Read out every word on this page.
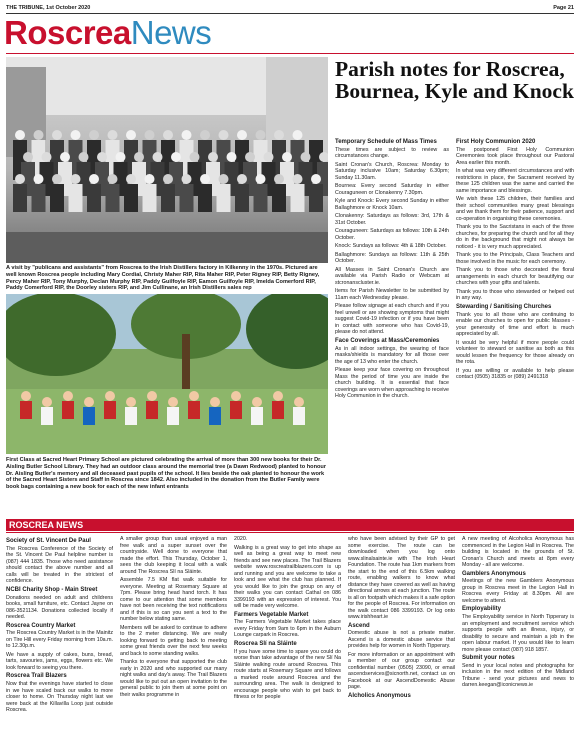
THE TRIBUNE, 1st October 2020	Page 21
Roscrea News
A visit by "publicans and assistants" from Roscrea to the Irish Distillers factory in Kilkenny in the 1970s. Pictured are well known Roscrea people including Mary Cordial, Christy Maher RIP, Rita Maher RIP, Peter Rigney RIP, Betty Rigney, Percy Maher RIP, Tony Murphy, Declan Murphy RIP, Paddy Guilfoyle RIP, Eamon Guilfoyle RIP, Imelda Comerford RIP, Paddy Comerford RIP, the Doorley sisters RIP, and Jim Cullinane, an Irish Distillers sales rep
First Class at Sacred Heart Primary School are pictured celebrating the arrival of more than 300 new books for their Dr. Aisling Butler School Library. They had an outdoor class around the memorial tree (a Dawn Redwood) planted to honour Dr. Aisling Butler's memory and all deceased past pupils of the school. It lies beside the oak planted to honour the work of the Sacred Heart Sisters and Staff in Roscrea since 1842. Also included in the donation from the Butler Family were book bags containing a new book for each of the new infant entrants
Parish notes for Roscrea, Bournea, Kyle and Knock
Temporary Schedule of Mass Times

These times are subject to review as circumstances change.

Saint Cronan's Church, Roscrea: Monday to Saturday inclusive 10am; Saturday 6.30pm; Sunday 11.30am.

Bournea: Every second Saturday in either Couraguneen or Clonakenny 7.30pm.

Kyle and Knock: Every second Sunday in either Ballaghmore or Knock 10am.

Clonakenny: Saturdays as follows: 3rd, 17th & 31st October.

Couraguneen: Saturdays as follows: 10th & 24th October.

Knock: Sundays as follows: 4th & 18th October.

Ballaghmore: Sundays as follows: 11th & 25th October.

All Masses in Saint Cronan's Church are available via Parish Radio or Webcam at stcronanscluster.ie.

Items for Parish Newsletter to be submitted by 11am each Wednesday please.

Please follow signage at each church and if you feel unwell or are showing symptoms that might suggest Covid-19 infection or if you have been in contact with someone who has Covid-19, please do not attend.

Face Coverings at Mass/Ceremonies

As in all indoor settings, the wearing of face masks/shields is mandatory for all those over the age of 13 who enter the church.

Please keep your face covering on throughout Mass the period of time you are inside the church building. It is essential that face coverings are worn when approaching to receive Holy Communion in the church.

First Holy Communion 2020

The postponed First Holy Communion Ceremonies took place throughout our Pastoral Area earlier this month.

In what was very different circumstances and with restrictions in place, the Sacrament received by these 125 children was the same and carried the same importance and blessings.

We wish these 125 children, their families and their school communities many great blessings and we thank them for their patience, support and co-operation in organising these ceremonies.

Thank you to the Sacristans in each of the three churches, for preparing the church and for all they do in the background that might not always be noticed - it is very much appreciated.

Thank you to the Principals, Class Teachers and those involved in the music for each ceremony.

Thank you to those who decorated the floral arrangements in each church for beautifying our churches with your gifts and talents.

Thank you to those who stewarded or helped out in any way.

Stewarding / Sanitising Churches

Thank you to all those who are continuing to enable our churches to open for public Masses - your generosity of time and effort is much appreciated by all.

It would be very helpful if more people could volunteer to steward or sanitise as both as this would lessen the frequency for those already on the rota.

If you are willing or available to help please contact (0505) 31835 or (089) 2491318

ROSCREA NEWS
Society of St. Vincent De Paul

The Roscrea Conference of the Society of the St. Vincent De Paul helpline number is (087) 444 1835. Those who need assistance should contact the above number and all calls will be treated in the strictest of confidence.

NCBI Charity Shop - Main Street

Donations needed on adult and childrens books, small furniture, etc. Contact Jayne on 086-3521134. Donations collected locally if needed.

Roscrea Country Market

The Roscrea Country Market is in the Mainitz on Tire Hill every Friday morning from 10a.m. to 12.30p.m.

We have a supply of cakes, buns, bread, tarts, savouries, jams, eggs, flowers etc. We look forward to seeing you there.

Roscrea Trail Blazers

Now that the evenings have started to close in we have scaled back our walks to more closer to home. On Thursday night last we were back at the Killavilla Loop just outside Roscrea.

A smaller group than usual enjoyed a man free walk and a super sunset over the countryside. Well done to everyone that made the effort. This Thursday, October 1, sees the club keeping it local with a walk around The Roscrea Slí na Sláinte.

Assemble 7.5 KM flat walk suitable for everyone. Meeting at Rosemary Square at 7pm. Please bring head hand torch. It has come to our attention that some members have not been receiving the text notifications and if this is so can you sent a text to the number below stating same.

Members will be asked to continue to adhere to the 2 meter distancing. We are really looking forward to getting back to meeting some great friends over the next few weeks and back to some standing walks.

Thanks to everyone that supported the club early in 2020 and who supported our many night walks and day's away. The Trail Blazers would like to put out an open invitation to the general public to join them at some point on their walks programme in

2020.

Walking is a great way to get into shape as well as being a great way to meet new friends and see new places. The Trail Blazers website www.roscreatrailblazers.com is up and running and you are welcome to take a look and see what the club has planned. If you would like to join the group on any of their walks you can contact Cathal on 086 3399193 with an expression of interest. You will be made very welcome.

Farmers Vegetable Market

The Farmers Vegetable Market takes place every Friday from 9am to 6pm in the Auburn Lounge carpark in Roscrea.

Roscrea Slí na Sláinte

If you have some time to spare you could do worse than take advantage of the new Slí Na Sláinte walking route around Roscrea. This route starts at Rosemary Square and follows a marked route around Roscrea and the surrounding area. The walk is designed to encourage people who wish to get back to fitness or for people

who have been advised by their GP to get some exercise. The route can be downloaded when you log onto www.slinalsainte.ie with The Irish Heart Foundation. The route has 1km markers from the start to the end of this 6.5km walking route, enabling walkers to know what distance they have covered as well as having directional arrows at each junction. The route is all on footpath which makes it a safe option for the people of Roscrea. For information on the walk contact 086 3399193. Or log onto www.irishheart.ie

Ascend

Domestic abuse is not a private matter. Ascend is a domestic abuse service that provides help for women in North Tipperary.

For more information or an appointment with a member of our group contact our confidential number (0505) 23090, or email ascendservices@sicnorth.net, contact us on Facebook at our AscendDomestic Abuse page.

Alcholics Anonymous

A new meeting of Alcoholics Anonymous has commenced in the Legion Hall in Roscrea. The building is located in the grounds of St. Cronan's Church and meets at 8pm every Monday - all are welcome.

Gamblers Anonymous

Meetings of the new Gamblers Anonymous group in Roscrea meet in the Legion Hall in Roscrea every Friday at 8.30pm. All are welcome to attend.

Employability

The Employability service in North Tipperary is an employment and recruitment service which supports people with an illness, injury, or disability to secure and maintain a job in the open labour market. If you would like to learn more please contact (087) 918 1857.

Submit your notes

Send in your local notes and photographs for inclusion in the next edition of the Midland Tribune - send your pictures and news to darren.keegan@iconicnews.ie
